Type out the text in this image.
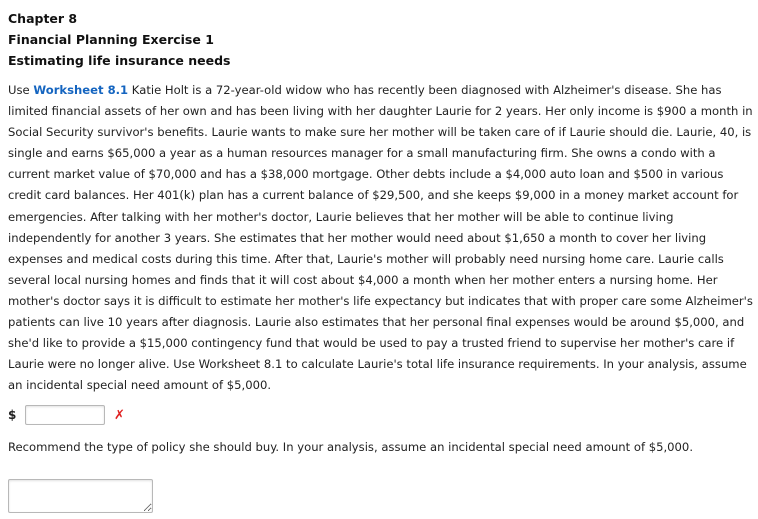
Chapter 8
Financial Planning Exercise 1
Estimating life insurance needs

Use Worksheet 8.1 Katie Holt is a 72-year-old widow who has recently been diagnosed with Alzheimer's disease. She has limited financial assets of her own and has been living with her daughter Laurie for 2 years. Her only income is $900 a month in Social Security survivor's benefits. Laurie wants to make sure her mother will be taken care of if Laurie should die. Laurie, 40, is single and earns $65,000 a year as a human resources manager for a small manufacturing firm. She owns a condo with a current market value of $70,000 and has a $38,000 mortgage. Other debts include a $4,000 auto loan and $500 in various credit card balances. Her 401(k) plan has a current balance of $29,500, and she keeps $9,000 in a money market account for emergencies. After talking with her mother's doctor, Laurie believes that her mother will be able to continue living independently for another 3 years. She estimates that her mother would need about $1,650 a month to cover her living expenses and medical costs during this time. After that, Laurie's mother will probably need nursing home care. Laurie calls several local nursing homes and finds that it will cost about $4,000 a month when her mother enters a nursing home. Her mother's doctor says it is difficult to estimate her mother's life expectancy but indicates that with proper care some Alzheimer's patients can live 10 years after diagnosis. Laurie also estimates that her personal final expenses would be around $5,000, and she'd like to provide a $15,000 contingency fund that would be used to pay a trusted friend to supervise her mother's care if Laurie were no longer alive. Use Worksheet 8.1 to calculate Laurie's total life insurance requirements. In your analysis, assume an incidental special need amount of $5,000.

$	✗

Recommend the type of policy she should buy. In your analysis, assume an incidental special need amount of $5,000.
